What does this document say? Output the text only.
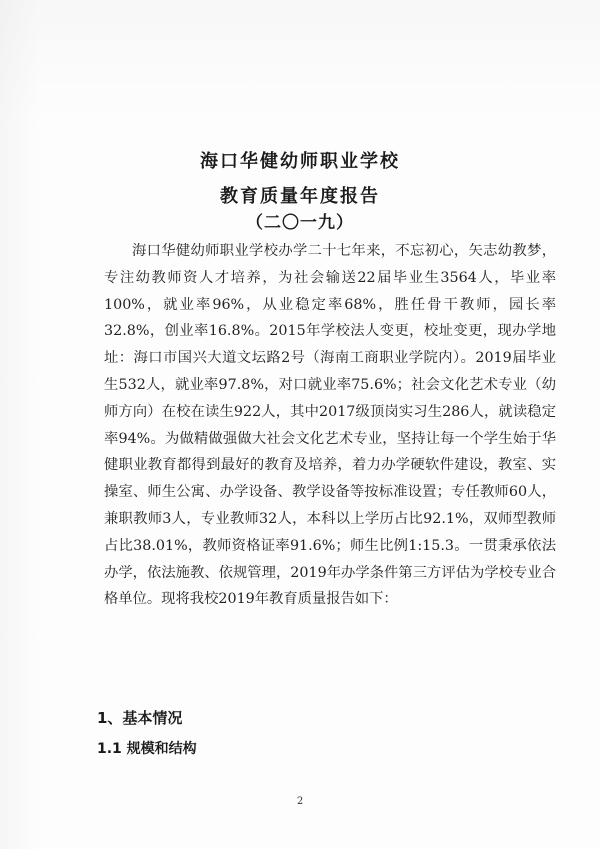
海口华健幼师职业学校
教育质量年度报告
（二〇一九）

海口华健幼师职业学校办学二十七年来，不忘初心，矢志幼教梦，专注幼教师资人才培养，为社会输送22届毕业生3564人，毕业率100%，就业率96%，从业稳定率68%，胜任骨干教师，园长率32.8%，创业率16.8%。2015年学校法人变更，校址变更，现办学地址：海口市国兴大道文坛路2号（海南工商职业学院内）。2019届毕业生532人，就业率97.8%，对口就业率75.6%；社会文化艺术专业（幼师方向）在校在读生922人，其中2017级顶岗实习生286人，就读稳定率94%。为做精做强做大社会文化艺术专业，坚持让每一个学生始于华健职业教育都得到最好的教育及培养，着力办学硬软件建设，教室、实操室、师生公寓、办学设备、教学设备等按标准设置；专任教师60人，兼职教师3人，专业教师32人，本科以上学历占比92.1%，双师型教师占比38.01%，教师资格证率91.6%；师生比例1:15.3。一贯秉承依法办学，依法施教、依规管理，2019年办学条件第三方评估为学校专业合格单位。现将我校2019年教育质量报告如下：

1、基本情况
1.1 规模和结构
2
